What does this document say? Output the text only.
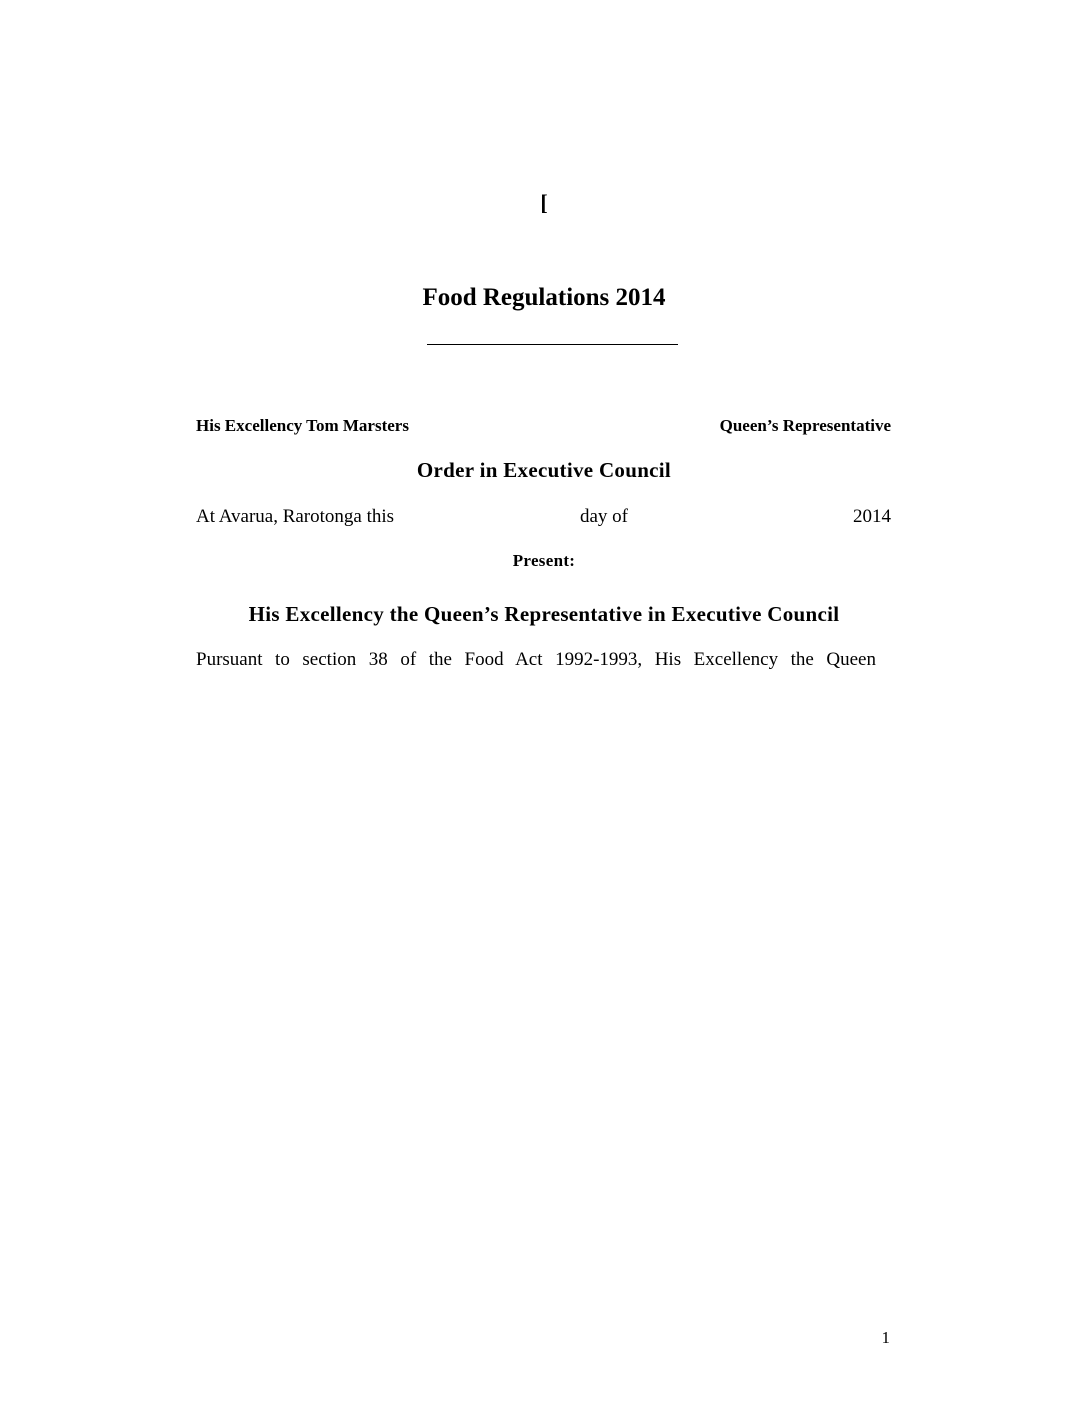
[
Food Regulations 2014
His Excellency Tom Marsters	Queen’s Representative
Order in Executive Council
At Avarua, Rarotonga this	day of	2014
Present:
His Excellency the Queen’s Representative in Executive Council
Pursuant to section 38 of the Food Act 1992-1993, His Excellency the Queen
1
